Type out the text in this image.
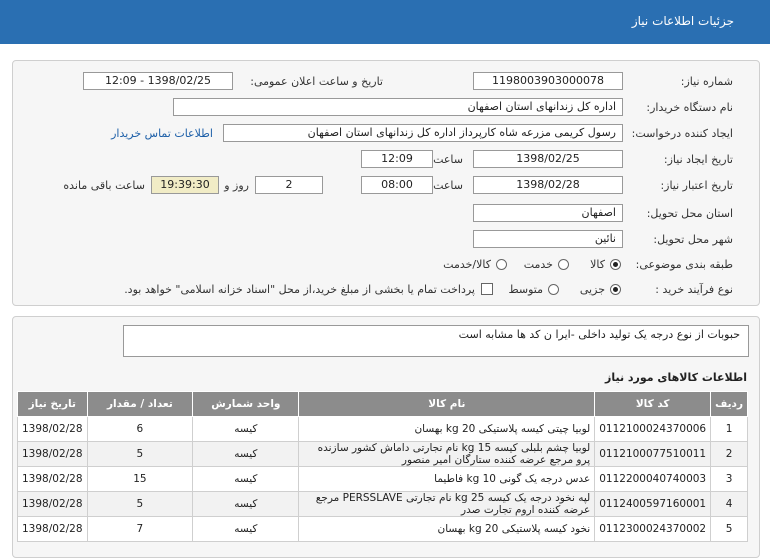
جزئیات اطلاعات نیاز
شماره نیاز:
1198003903000078
تاریخ و ساعت اعلان عمومی:
1398/02/25 - 12:09
نام دستگاه خریدار:
اداره کل زندانهای استان اصفهان
ایجاد کننده درخواست:
رسول کریمی مزرعه شاه کارپرداز اداره کل زندانهای استان اصفهان
اطلاعات تماس خریدار
تاریخ ایجاد نیاز:
1398/02/25
ساعت
12:09
تاریخ اعتبار نیاز:
1398/02/28
ساعت
08:00
2
روز و
19:39:30
ساعت باقی مانده
استان محل تحویل:
اصفهان
شهر محل تحویل:
نائین
طبقه بندی موضوعی:
کالا
خدمت
کالا/خدمت
نوع فرآیند خرید :
جزیی
متوسط
پرداخت تمام یا بخشی از مبلغ خرید،از محل "اسناد خزانه اسلامی" خواهد بود.
حبوبات از نوع درجه یک تولید داخلی -ایرا ن کد ها مشابه است
اطلاعات کالاهای مورد نیاز
ردیف	کد کالا	نام کالا	واحد شمارش	تعداد / مقدار	تاریخ نیاز
1	0112100024370006	لوبیا چیتی کیسه پلاستیکی 20 kg بهسان	کیسه	6	1398/02/28
2	0112100077510011	لوبیا چشم بلبلی کیسه 15 kg نام تجارتی داماش کشور سازنده پرو مرجع عرضه کننده ستارگان امیر منصور	کیسه	5	1398/02/28
3	0112200040740003	عدس درجه یک گونی 10 kg فاطیما	کیسه	15	1398/02/28
4	0112400597160001	لپه نخود درجه یک کیسه 25 kg نام تجارتی PERSSLAVE مرجع عرضه کننده اروم تجارت صدر	کیسه	5	1398/02/28
5	0112300024370002	نخود کیسه پلاستیکی 20 kg بهسان	کیسه	7	1398/02/28
